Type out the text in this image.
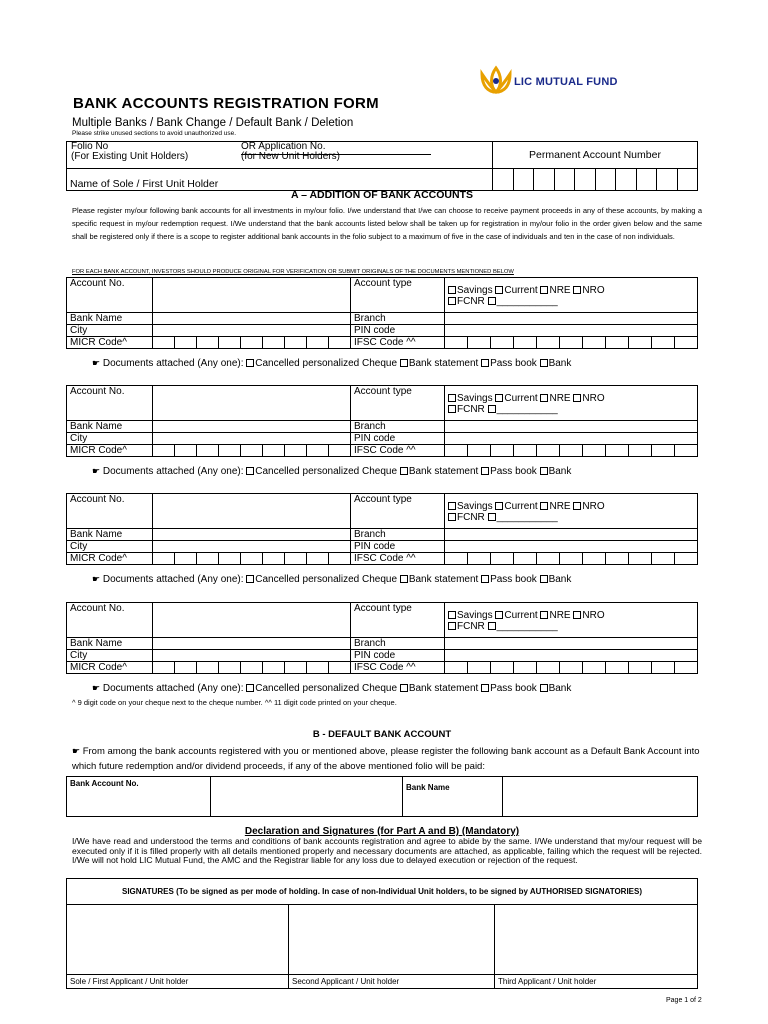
LIC MUTUAL FUND
BANK ACCOUNTS REGISTRATION FORM
Multiple Banks / Bank Change / Default Bank / Deletion
Please strike unused sections to avoid unauthorized use.
Folio No
(For Existing Unit Holders)
OR Application No.
(for New Unit Holders)	Permanent Account Number
Name of Sole / First Unit Holder	
A – ADDITION OF BANK ACCOUNTS
Please register my/our following bank accounts for all investments in my/our folio. I/we understand that I/we can choose to receive payment proceeds in any of these accounts, by making a specific request in my/our redemption request. I/We understand that the bank accounts listed below shall be taken up for registration in my/our folio in the order given below and the same shall be registered only if there is a scope to register additional bank accounts in the folio subject to a maximum of five in the case of individuals and ten in the case of non individuals.
FOR EACH BANK ACCOUNT, INVESTORS SHOULD PRODUCE ORIGINAL FOR VERIFICATION OR SUBMIT ORIGINALS OF THE DOCUMENTS MENTIONED BELOW
Account No.		Account type	Savings Current NRE NRO
FCNR ___________
Bank Name		Branch	
City		PIN code	
MICR Code^		IFSC Code ^^	
☛ Documents attached (Any one): Cancelled personalized Cheque Bank statement Pass book Bank
Account No.		Account type	Savings Current NRE NRO
FCNR ___________
Bank Name		Branch	
City		PIN code	
MICR Code^		IFSC Code ^^	
☛ Documents attached (Any one): Cancelled personalized Cheque Bank statement Pass book Bank
Account No.		Account type	Savings Current NRE NRO
FCNR ___________
Bank Name		Branch	
City		PIN code	
MICR Code^		IFSC Code ^^	
☛ Documents attached (Any one): Cancelled personalized Cheque Bank statement Pass book Bank
Account No.		Account type	Savings Current NRE NRO
FCNR ___________
Bank Name		Branch	
City		PIN code	
MICR Code^		IFSC Code ^^	
☛ Documents attached (Any one): Cancelled personalized Cheque Bank statement Pass book Bank
^ 9 digit code on your cheque next to the cheque number. ^^ 11 digit code printed on your cheque.
B - DEFAULT BANK ACCOUNT
☛ From among the bank accounts registered with you or mentioned above, please register the following bank account as a Default Bank Account into which future redemption and/or dividend proceeds, if any of the above mentioned folio will be paid:
Bank Account No.		Bank Name	
Declaration and Signatures (for Part A and B) (Mandatory)
I/We have read and understood the terms and conditions of bank accounts registration and agree to abide by the same. I/We understand that my/our request will be executed only if it is filled properly with all details mentioned properly and necessary documents are attached, as applicable, failing which the request will be rejected. I/We will not hold LIC Mutual Fund, the AMC and the Registrar liable for any loss due to delayed execution or rejection of the request.
SIGNATURES (To be signed as per mode of holding. In case of non-Individual Unit holders, to be signed by AUTHORISED SIGNATORIES)		

Sole / First Applicant / Unit holder	Second Applicant / Unit holder	Third Applicant / Unit holder
Page 1 of 2
